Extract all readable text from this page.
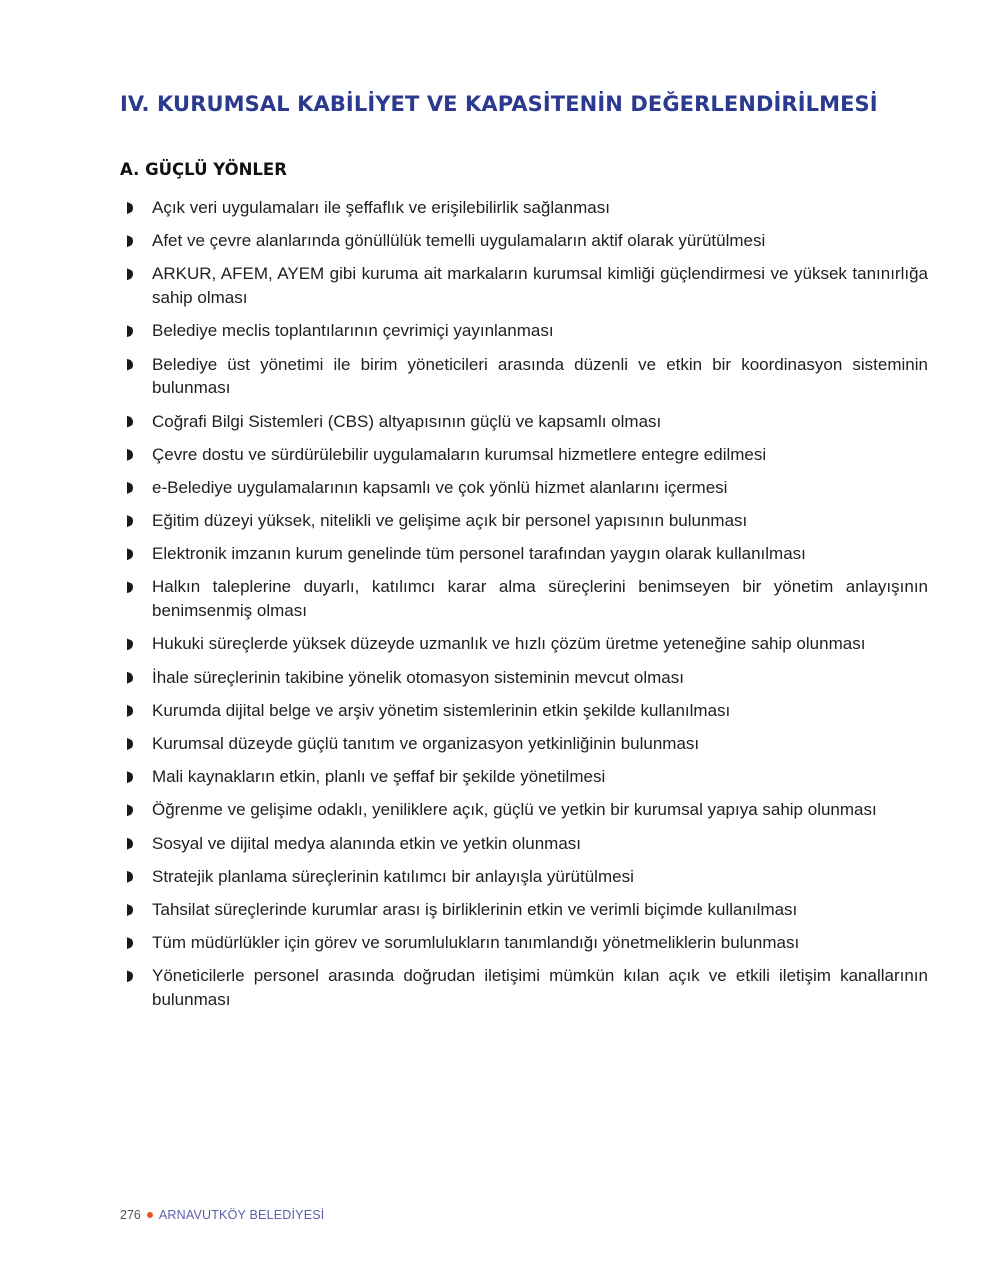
IV. KURUMSAL KABİLİYET VE KAPASİTENİN DEĞERLENDİRİLMESİ
A. GÜÇLÜ YÖNLER
Açık veri uygulamaları ile şeffaflık ve erişilebilirlik sağlanması
Afet ve çevre alanlarında gönüllülük temelli uygulamaların aktif olarak yürütülmesi
ARKUR, AFEM, AYEM gibi kuruma ait markaların kurumsal kimliği güçlendirmesi ve yüksek tanınırlığa sahip olması
Belediye meclis toplantılarının çevrimiçi yayınlanması
Belediye üst yönetimi ile birim yöneticileri arasında düzenli ve etkin bir koordinasyon sisteminin bulunması
Coğrafi Bilgi Sistemleri (CBS) altyapısının güçlü ve kapsamlı olması
Çevre dostu ve sürdürülebilir uygulamaların kurumsal hizmetlere entegre edilmesi
e-Belediye uygulamalarının kapsamlı ve çok yönlü hizmet alanlarını içermesi
Eğitim düzeyi yüksek, nitelikli ve gelişime açık bir personel yapısının bulunması
Elektronik imzanın kurum genelinde tüm personel tarafından yaygın olarak kullanılması
Halkın taleplerine duyarlı, katılımcı karar alma süreçlerini benimseyen bir yönetim anlayışının benimsenmiş olması
Hukuki süreçlerde yüksek düzeyde uzmanlık ve hızlı çözüm üretme yeteneğine sahip olunması
İhale süreçlerinin takibine yönelik otomasyon sisteminin mevcut olması
Kurumda dijital belge ve arşiv yönetim sistemlerinin etkin şekilde kullanılması
Kurumsal düzeyde güçlü tanıtım ve organizasyon yetkinliğinin bulunması
Mali kaynakların etkin, planlı ve şeffaf bir şekilde yönetilmesi
Öğrenme ve gelişime odaklı, yeniliklere açık, güçlü ve yetkin bir kurumsal yapıya sahip olunması
Sosyal ve dijital medya alanında etkin ve yetkin olunması
Stratejik planlama süreçlerinin katılımcı bir anlayışla yürütülmesi
Tahsilat süreçlerinde kurumlar arası iş birliklerinin etkin ve verimli biçimde kullanılması
Tüm müdürlükler için görev ve sorumlulukların tanımlandığı yönetmeliklerin bulunması
Yöneticilerle personel arasında doğrudan iletişimi mümkün kılan açık ve etkili iletişim kanallarının bulunması
276 ARNAVUTKÖY BELEDİYESİ
